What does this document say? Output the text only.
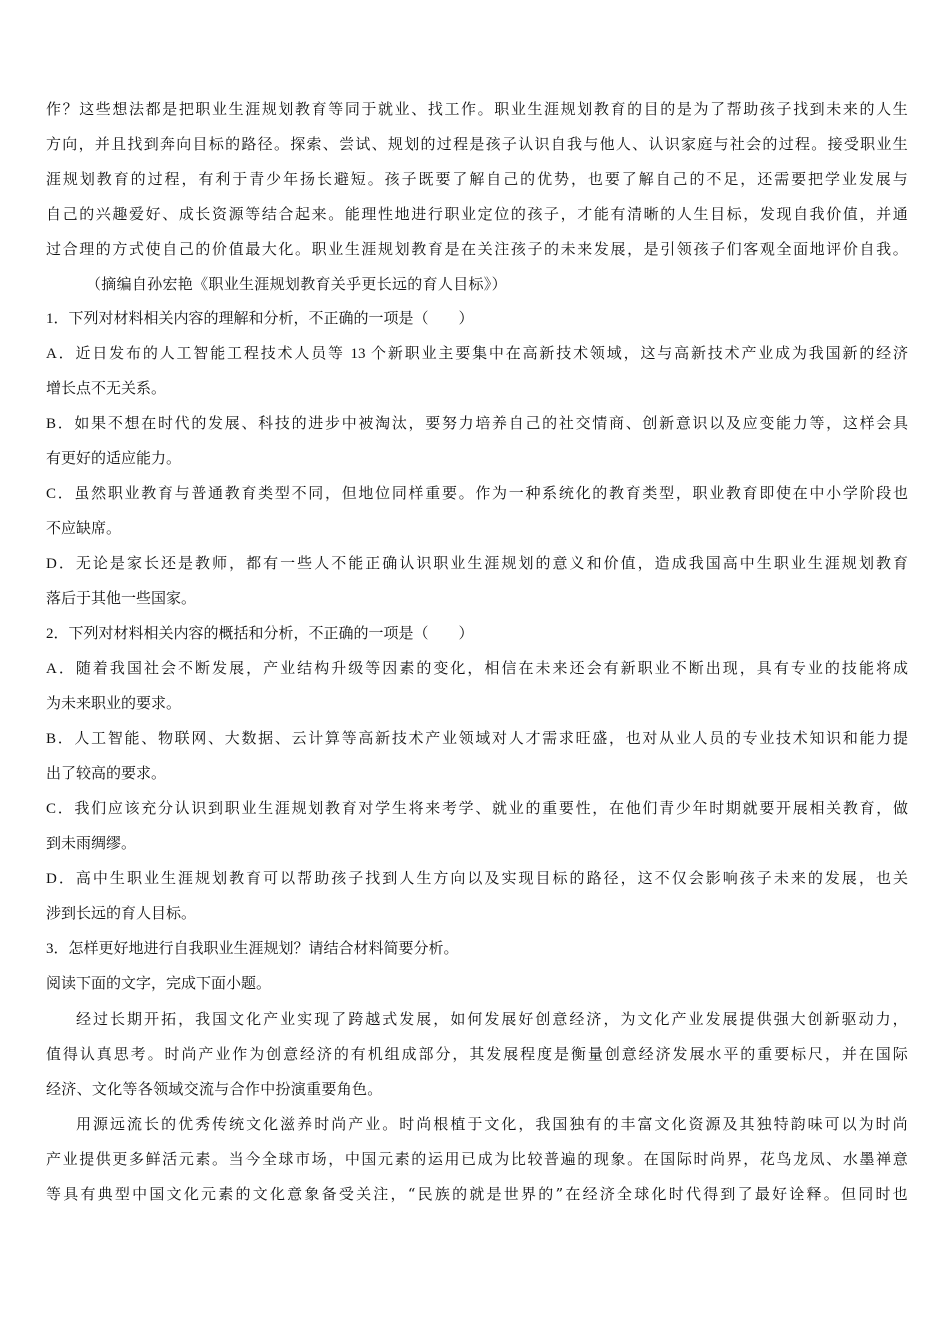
作？这些想法都是把职业生涯规划教育等同于就业、找工作。职业生涯规划教育的目的是为了帮助孩子找到未来的人生
方向，并且找到奔向目标的路径。探索、尝试、规划的过程是孩子认识自我与他人、认识家庭与社会的过程。接受职业生
涯规划教育的过程，有利于青少年扬长避短。孩子既要了解自己的优势，也要了解自己的不足，还需要把学业发展与
自己的兴趣爱好、成长资源等结合起来。能理性地进行职业定位的孩子，才能有清晰的人生目标，发现自我价值，并通
过合理的方式使自己的价值最大化。职业生涯规划教育是在关注孩子的未来发展，是引领孩子们客观全面地评价自我。
（摘编自孙宏艳《职业生涯规划教育关乎更长远的育人目标》）
1．下列对材料相关内容的理解和分析，不正确的一项是（　　）
A．近日发布的人工智能工程技术人员等 13 个新职业主要集中在高新技术领域，这与高新技术产业成为我国新的经济
增长点不无关系。
B．如果不想在时代的发展、科技的进步中被淘汰，要努力培养自己的社交情商、创新意识以及应变能力等，这样会具
有更好的适应能力。
C．虽然职业教育与普通教育类型不同，但地位同样重要。作为一种系统化的教育类型，职业教育即使在中小学阶段也
不应缺席。
D．无论是家长还是教师，都有一些人不能正确认识职业生涯规划的意义和价值，造成我国高中生职业生涯规划教育
落后于其他一些国家。
2．下列对材料相关内容的概括和分析，不正确的一项是（　　）
A．随着我国社会不断发展，产业结构升级等因素的变化，相信在未来还会有新职业不断出现，具有专业的技能将成
为未来职业的要求。
B．人工智能、物联网、大数据、云计算等高新技术产业领域对人才需求旺盛，也对从业人员的专业技术知识和能力提
出了较高的要求。
C．我们应该充分认识到职业生涯规划教育对学生将来考学、就业的重要性，在他们青少年时期就要开展相关教育，做
到未雨绸缪。
D．高中生职业生涯规划教育可以帮助孩子找到人生方向以及实现目标的路径，这不仅会影响孩子未来的发展，也关
涉到长远的育人目标。
3．怎样更好地进行自我职业生涯规划？请结合材料简要分析。
阅读下面的文字，完成下面小题。
经过长期开拓，我国文化产业实现了跨越式发展，如何发展好创意经济，为文化产业发展提供强大创新驱动力，
值得认真思考。时尚产业作为创意经济的有机组成部分，其发展程度是衡量创意经济发展水平的重要标尺，并在国际
经济、文化等各领域交流与合作中扮演重要角色。
用源远流长的优秀传统文化滋养时尚产业。时尚根植于文化，我国独有的丰富文化资源及其独特韵味可以为时尚
产业提供更多鲜活元素。当今全球市场，中国元素的运用已成为比较普遍的现象。在国际时尚界，花鸟龙凤、水墨禅意
等具有典型中国文化元素的文化意象备受关注，“民族的就是世界的”在经济全球化时代得到了最好诠释。但同时也
